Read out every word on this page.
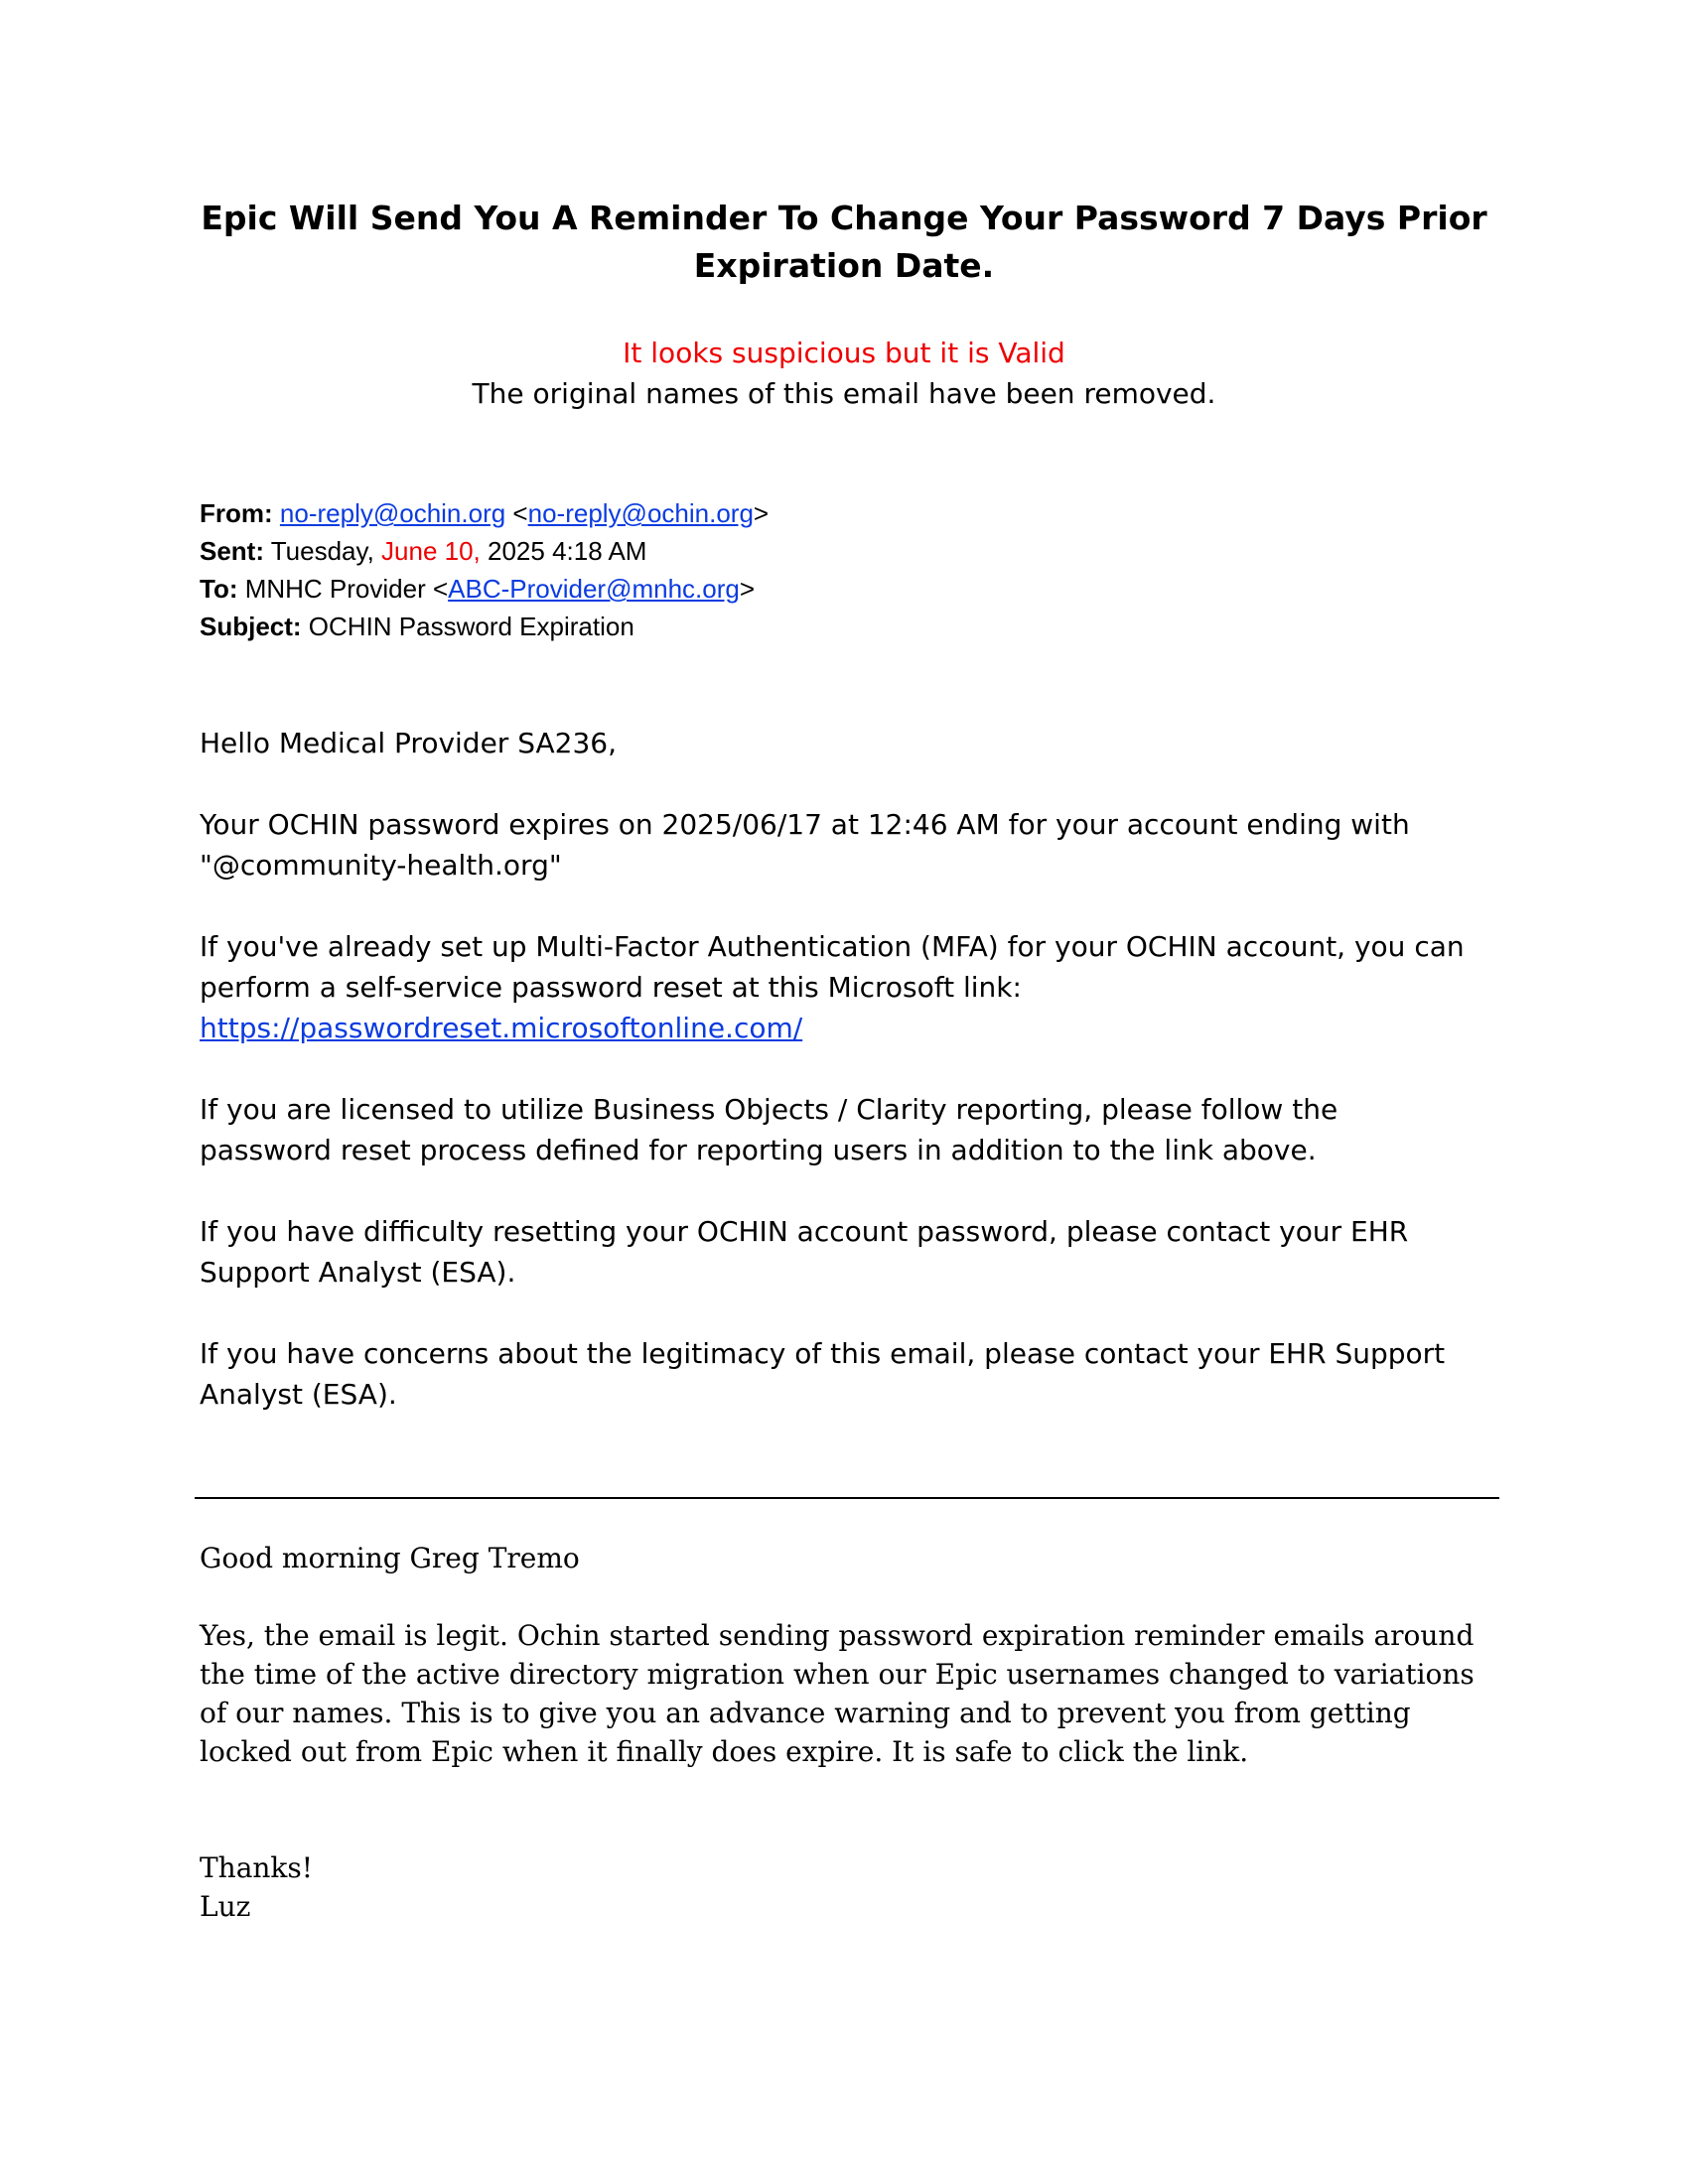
Epic Will Send You A Reminder To Change Your Password 7 Days Prior Expiration Date.
It looks suspicious but it is Valid
The original names of this email have been removed.
From: no-reply@ochin.org <no-reply@ochin.org>
Sent: Tuesday, June 10, 2025 4:18 AM
To: MNHC Provider <ABC-Provider@mnhc.org>
Subject: OCHIN Password Expiration

Hello Medical Provider SA236,

Your OCHIN password expires on 2025/06/17 at 12:46 AM for your account ending with
"@community-health.org"

If you've already set up Multi-Factor Authentication (MFA) for your OCHIN account, you can
perform a self-service password reset at this Microsoft link:
https://passwordreset.microsoftonline.com/

If you are licensed to utilize Business Objects / Clarity reporting, please follow the
password reset process defined for reporting users in addition to the link above.

If you have difficulty resetting your OCHIN account password, please contact your EHR
Support Analyst (ESA).

If you have concerns about the legitimacy of this email, please contact your EHR Support
Analyst (ESA).

Good morning Greg Tremo

Yes, the email is legit. Ochin started sending password expiration reminder emails around
the time of the active directory migration when our Epic usernames changed to variations
of our names. This is to give you an advance warning and to prevent you from getting
locked out from Epic when it finally does expire. It is safe to click the link.

Thanks!

Luz
